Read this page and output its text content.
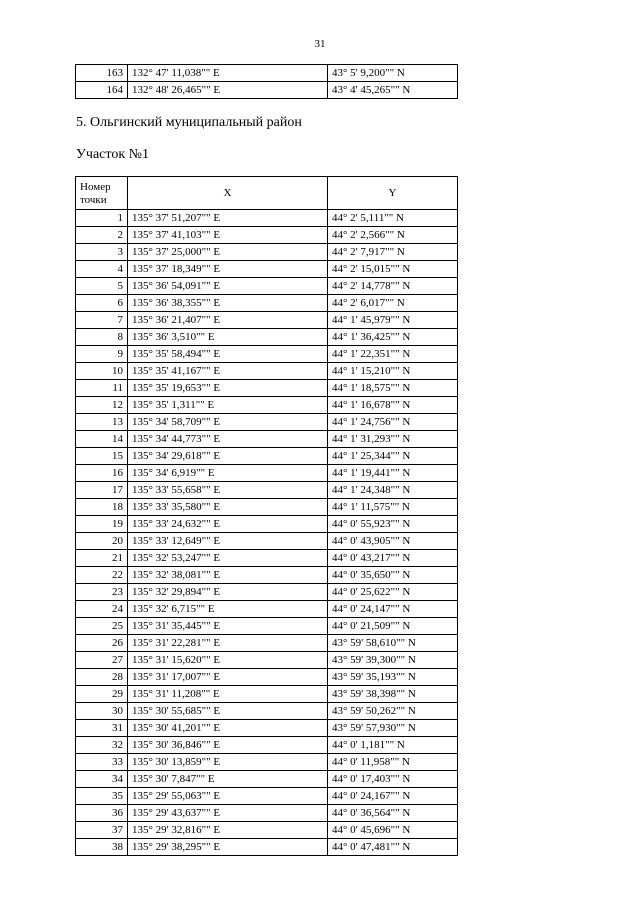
31
163	132° 47' 11,038"" E	43° 5' 9,200"" N
164	132° 48' 26,465"" E	43° 4' 45,265"" N
5. Ольгинский муниципальный район
Участок №1
Номер точки	X	Y
1	135° 37' 51,207"" E	44° 2' 5,111"" N
2	135° 37' 41,103"" E	44° 2' 2,566"" N
3	135° 37' 25,000"" E	44° 2' 7,917"" N
4	135° 37' 18,349"" E	44° 2' 15,015"" N
5	135° 36' 54,091"" E	44° 2' 14,778"" N
6	135° 36' 38,355"" E	44° 2' 6,017"" N
7	135° 36' 21,407"" E	44° 1' 45,979"" N
8	135° 36' 3,510"" E	44° 1' 36,425"" N
9	135° 35' 58,494"" E	44° 1' 22,351"" N
10	135° 35' 41,167"" E	44° 1' 15,210"" N
11	135° 35' 19,653"" E	44° 1' 18,575"" N
12	135° 35' 1,311"" E	44° 1' 16,678"" N
13	135° 34' 58,709"" E	44° 1' 24,756"" N
14	135° 34' 44,773"" E	44° 1' 31,293"" N
15	135° 34' 29,618"" E	44° 1' 25,344"" N
16	135° 34' 6,919"" E	44° 1' 19,441"" N
17	135° 33' 55,658"" E	44° 1' 24,348"" N
18	135° 33' 35,580"" E	44° 1' 11,575"" N
19	135° 33' 24,632"" E	44° 0' 55,923"" N
20	135° 33' 12,649"" E	44° 0' 43,905"" N
21	135° 32' 53,247"" E	44° 0' 43,217"" N
22	135° 32' 38,081"" E	44° 0' 35,650"" N
23	135° 32' 29,894"" E	44° 0' 25,622"" N
24	135° 32' 6,715"" E	44° 0' 24,147"" N
25	135° 31' 35,445"" E	44° 0' 21,509"" N
26	135° 31' 22,281"" E	43° 59' 58,610"" N
27	135° 31' 15,620"" E	43° 59' 39,300"" N
28	135° 31' 17,007"" E	43° 59' 35,193"" N
29	135° 31' 11,208"" E	43° 59' 38,398"" N
30	135° 30' 55,685"" E	43° 59' 50,262"" N
31	135° 30' 41,201"" E	43° 59' 57,930"" N
32	135° 30' 36,846"" E	44° 0' 1,181"" N
33	135° 30' 13,859"" E	44° 0' 11,958"" N
34	135° 30' 7,847"" E	44° 0' 17,403"" N
35	135° 29' 55,063"" E	44° 0' 24,167"" N
36	135° 29' 43,637"" E	44° 0' 36,564"" N
37	135° 29' 32,816"" E	44° 0' 45,696"" N
38	135° 29' 38,295"" E	44° 0' 47,481"" N
